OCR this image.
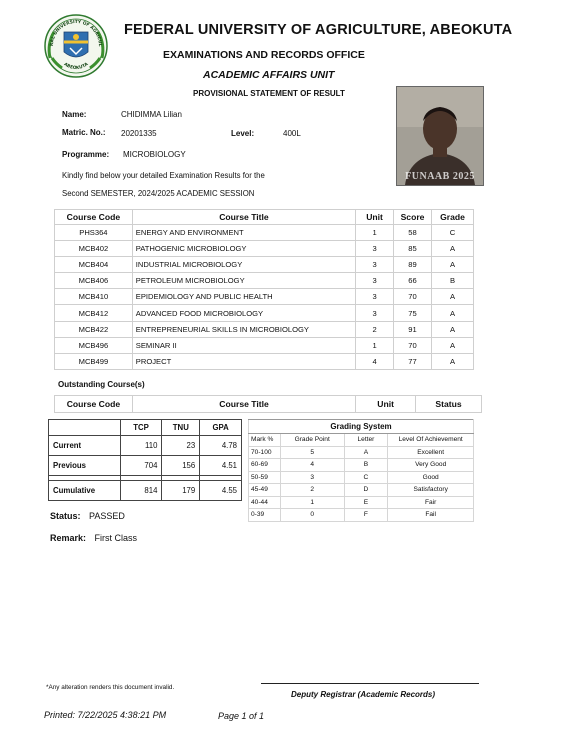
RAL UNIVERSITY OF AGRICUL
ABEOKUTA
FEDERAL UNIVERSITY OF AGRICULTURE, ABEOKUTA
EXAMINATIONS AND RECORDS OFFICE
ACADEMIC AFFAIRS UNIT
PROVISIONAL STATEMENT OF RESULT
FUNAAB 2025
Name:	CHIDIMMA Lilian
Matric. No.: 20201335	Level:	400L
Programme: MICROBIOLOGY
Kindly find below your detailed Examination Results for the
Second SEMESTER, 2024/2025 ACADEMIC SESSION
Course Code	Course Title	Unit	Score	Grade
PHS364	ENERGY AND ENVIRONMENT	1	58	C
MCB402	PATHOGENIC MICROBIOLOGY	3	85	A
MCB404	INDUSTRIAL MICROBIOLOGY	3	89	A
MCB406	PETROLEUM MICROBIOLOGY	3	66	B
MCB410	EPIDEMIOLOGY AND PUBLIC HEALTH	3	70	A
MCB412	ADVANCED FOOD MICROBIOLOGY	3	75	A
MCB422	ENTREPRENEURIAL SKILLS IN MICROBIOLOGY	2	91	A
MCB496	SEMINAR II	1	70	A
MCB499	PROJECT	4	77	A
Outstanding Course(s)
Course Code	Course Title	Unit	Status
	TCP	TNU	GPA
Current	110	23	4.78
Previous	704	156	4.51

Cumulative	814	179	4.55
Grading System			
Mark %	Grade Point	Letter	Level Of Achievement
70-100	5	A	Excellent
60-69	4	B	Very Good
50-59	3	C	Good
45-49	2	D	Satisfactory
40-44	1	E	Fair
0-39	0	F	Fail
Status: PASSED
Remark: First Class
*Any alteration renders this document invalid.
Deputy Registrar (Academic Records)
Printed: 7/22/2025 4:38:21 PM	Page 1 of 1
